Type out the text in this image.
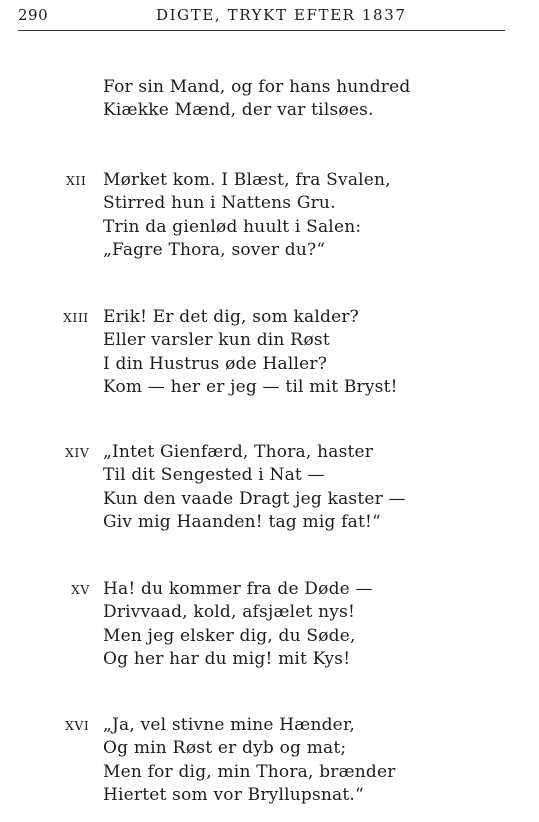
290	DIGTE, TRYKT EFTER 1837
For sin Mand, og for hans hundred
Kiække Mænd, der var tilsøes.
XII Mørket kom. I Blæst, fra Svalen,
Stirred hun i Nattens Gru.
Trin da gienlød huult i Salen:
„Fagre Thora, sover du?“
XIII Erik! Er det dig, som kalder?
Eller varsler kun din Røst
I din Hustrus øde Haller?
Kom — her er jeg — til mit Bryst!
XIV „Intet Gienfærd, Thora, haster
Til dit Sengested i Nat —
Kun den vaade Dragt jeg kaster —
Giv mig Haanden! tag mig fat!“
XV Ha! du kommer fra de Døde —
Drivvaad, kold, afsjælet nys!
Men jeg elsker dig, du Søde,
Og her har du mig! mit Kys!
XVI „Ja, vel stivne mine Hænder,
Og min Røst er dyb og mat;
Men for dig, min Thora, brænder
Hiertet som vor Bryllupsnat.“
